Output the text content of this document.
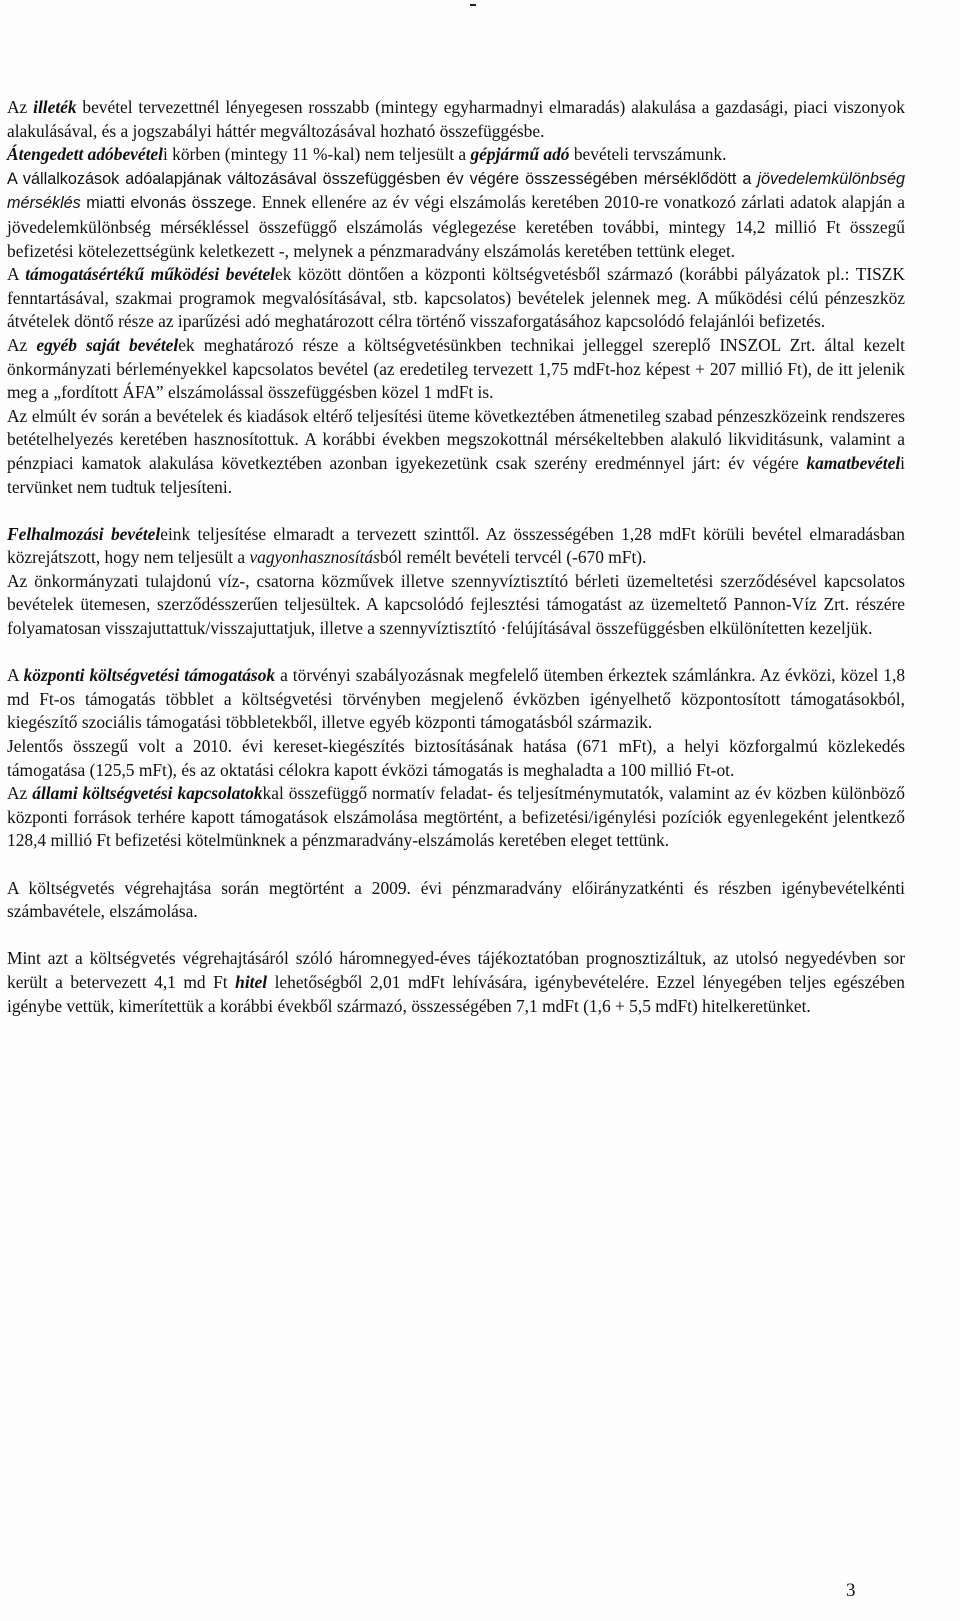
Az illeték bevétel tervezettnél lényegesen rosszabb (mintegy egyharmadnyi elmaradás) alakulása a gazdasági, piaci viszonyok alakulásával, és a jogszabályi háttér megváltozásával hozható összefüggésbe.

Átengedett adóbevételi körben (mintegy 11 %-kal) nem teljesült a gépjármű adó bevételi tervszámunk.

A vállalkozások adóalapjának változásával összefüggésben év végére összességében mérséklődött a jövedelemkülönbség mérséklés miatti elvonás összege. Ennek ellenére az év végi elszámolás keretében 2010-re vonatkozó zárlati adatok alapján a jövedelemkülönbség mérsékléssel összefüggő elszámolás véglegezése keretében további, mintegy 14,2 millió Ft összegű befizetési kötelezettségünk keletkezett -, melynek a pénzmaradvány elszámolás keretében tettünk eleget.

A támogatásértékű működési bevételek között döntően a központi költségvetésből származó (korábbi pályázatok pl.: TISZK fenntartásával, szakmai programok megvalósításával, stb. kapcsolatos) bevételek jelennek meg. A működési célú pénzeszköz átvételek döntő része az iparűzési adó meghatározott célra történő visszaforgatásához kapcsolódó felajánlói befizetés.

Az egyéb saját bevételek meghatározó része a költségvetésünkben technikai jelleggel szereplő INSZOL Zrt. által kezelt önkormányzati bérleményekkel kapcsolatos bevétel (az eredetileg tervezett 1,75 mdFt-hoz képest + 207 millió Ft), de itt jelenik meg a „fordított ÁFA” elszámolással összefüggésben közel 1 mdFt is.

Az elmúlt év során a bevételek és kiadások eltérő teljesítési üteme következtében átmenetileg szabad pénzeszközeink rendszeres betételhelyezés keretében hasznosítottuk. A korábbi években megszokottnál mérsékeltebben alakuló likviditásunk, valamint a pénzpiaci kamatok alakulása következtében azonban igyekezetünk csak szerény eredménnyel járt: év végére kamatbevételi tervünket nem tudtuk teljesíteni.

Felhalmozási bevételeink teljesítése elmaradt a tervezett szinttől. Az összességében 1,28 mdFt körüli bevétel elmaradásban közrejátszott, hogy nem teljesült a vagyonhasznosításból remélt bevételi tervcél (-670 mFt).

Az önkormányzati tulajdonú víz-, csatorna közművek illetve szennyvíztisztító bérleti üzemeltetési szerződésével kapcsolatos bevételek ütemesen, szerződésszerűen teljesültek. A kapcsolódó fejlesztési támogatást az üzemeltető Pannon-Víz Zrt. részére folyamatosan visszajuttattuk/visszajuttatjuk, illetve a szennyvíztisztító ·felújításával összefüggésben elkülönítetten kezeljük.

A központi költségvetési támogatások a törvényi szabályozásnak megfelelő ütemben érkeztek számlánkra. Az évközi, közel 1,8 md Ft-os támogatás többlet a költségvetési törvényben megjelenő évközben igényelhető központosított támogatásokból, kiegészítő szociális támogatási többletekből, illetve egyéb központi támogatásból származik.

Jelentős összegű volt a 2010. évi kereset-kiegészítés biztosításának hatása (671 mFt), a helyi közforgalmú közlekedés támogatása (125,5 mFt), és az oktatási célokra kapott évközi támogatás is meghaladta a 100 millió Ft-ot.

Az állami költségvetési kapcsolatokkal összefüggő normatív feladat- és teljesítménymutatók, valamint az év közben különböző központi források terhére kapott támogatások elszámolása megtörtént, a befizetési/igénylési pozíciók egyenlegeként jelentkező 128,4 millió Ft befizetési kötelmünknek a pénzmaradvány-elszámolás keretében eleget tettünk.

A költségvetés végrehajtása során megtörtént a 2009. évi pénzmaradvány előirányzatkénti és részben igénybevételkénti számbavétele, elszámolása.

Mint azt a költségvetés végrehajtásáról szóló háromnegyed-éves tájékoztatóban prognosztizáltuk, az utolsó negyedévben sor került a betervezett 4,1 md Ft hitel lehetőségből 2,01 mdFt lehívására, igénybevételére. Ezzel lényegében teljes egészében igénybe vettük, kimerítettük a korábbi évekből származó, összességében 7,1 mdFt (1,6 + 5,5 mdFt) hitelkeretünket.

3
